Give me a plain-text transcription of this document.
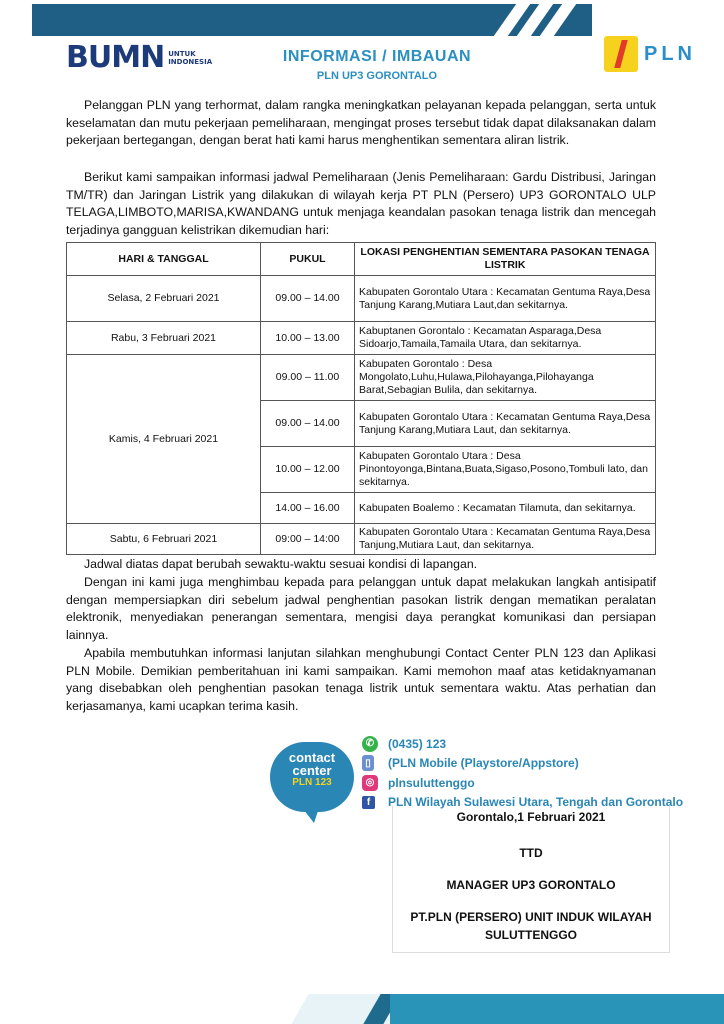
BUMN UNTUK
INDONESIA	INFORMASI / IMBAUAN
PLN UP3 GORONTALO
PLN
Pelanggan PLN yang terhormat, dalam rangka meningkatkan pelayanan kepada pelanggan, serta untuk keselamatan dan mutu pekerjaan pemeliharaan, mengingat proses tersebut tidak dapat dilaksanakan dalam pekerjaan bertegangan, dengan berat hati kami harus menghentikan sementara aliran listrik.
Berikut kami sampaikan informasi jadwal Pemeliharaan (Jenis Pemeliharaan: Gardu Distribusi, Jaringan TM/TR) dan Jaringan Listrik yang dilakukan di wilayah kerja PT PLN (Persero) UP3 GORONTALO ULP TELAGA,LIMBOTO,MARISA,KWANDANG untuk menjaga keandalan pasokan tenaga listrik dan mencegah terjadinya gangguan kelistrikan dikemudian hari:
HARI & TANGGAL	PUKUL	LOKASI PENGHENTIAN SEMENTARA PASOKAN TENAGA LISTRIK
Selasa, 2 Februari 2021	09.00 – 14.00	Kabupaten Gorontalo Utara : Kecamatan Gentuma Raya,Desa Tanjung Karang,Mutiara Laut,dan sekitarnya.
Rabu, 3 Februari 2021	10.00 – 13.00	Kabuptanen Gorontalo : Kecamatan Asparaga,Desa Sidoarjo,Tamaila,Tamaila Utara, dan sekitarnya.
Kamis, 4 Februari 2021	09.00 – 11.00	Kabupaten Gorontalo : Desa Mongolato,Luhu,Hulawa,Pilohayanga,Pilohayanga Barat,Sebagian Bulila, dan sekitarnya.
	09.00 – 14.00	Kabupaten Gorontalo Utara : Kecamatan Gentuma Raya,Desa Tanjung Karang,Mutiara Laut, dan sekitarnya.
	10.00 – 12.00	Kabupaten Gorontalo Utara : Desa Pinontoyonga,Bintana,Buata,Sigaso,Posono,Tombuli lato, dan sekitarnya.
	14.00 – 16.00	Kabupaten Boalemo : Kecamatan Tilamuta, dan sekitarnya.
Sabtu, 6 Februari 2021	09:00 – 14:00	Kabupaten Gorontalo Utara : Kecamatan Gentuma Raya,Desa Tanjung,Mutiara Laut, dan sekitarnya.
Jadwal diatas dapat berubah sewaktu-waktu sesuai kondisi di lapangan.
Dengan ini kami juga menghimbau kepada para pelanggan untuk dapat melakukan langkah antisipatif dengan mempersiapkan diri sebelum jadwal penghentian pasokan listrik dengan mematikan peralatan elektronik, menyediakan penerangan sementara, mengisi daya perangkat komunikasi dan persiapan lainnya.
Apabila membutuhkan informasi lanjutan silahkan menghubungi Contact Center PLN 123 dan Aplikasi PLN Mobile. Demikian pemberitahuan ini kami sampaikan. Kami memohon maaf atas ketidaknyamanan yang disebabkan oleh penghentian pasokan tenaga listrik untuk sementara waktu. Atas perhatian dan kerjasamanya, kami ucapkan terima kasih.
contact
center
PLN 123
✆	(0435) 123
▯ (PLN Mobile (Playstore/Appstore)
◎	plnsuluttenggo
f	PLN Wilayah Sulawesi Utara, Tengah dan Gorontalo
Gorontalo,1 Februari 2021
TTD
MANAGER UP3 GORONTALO
PT.PLN (PERSERO) UNIT INDUK WILAYAH
SULUTTENGGO
